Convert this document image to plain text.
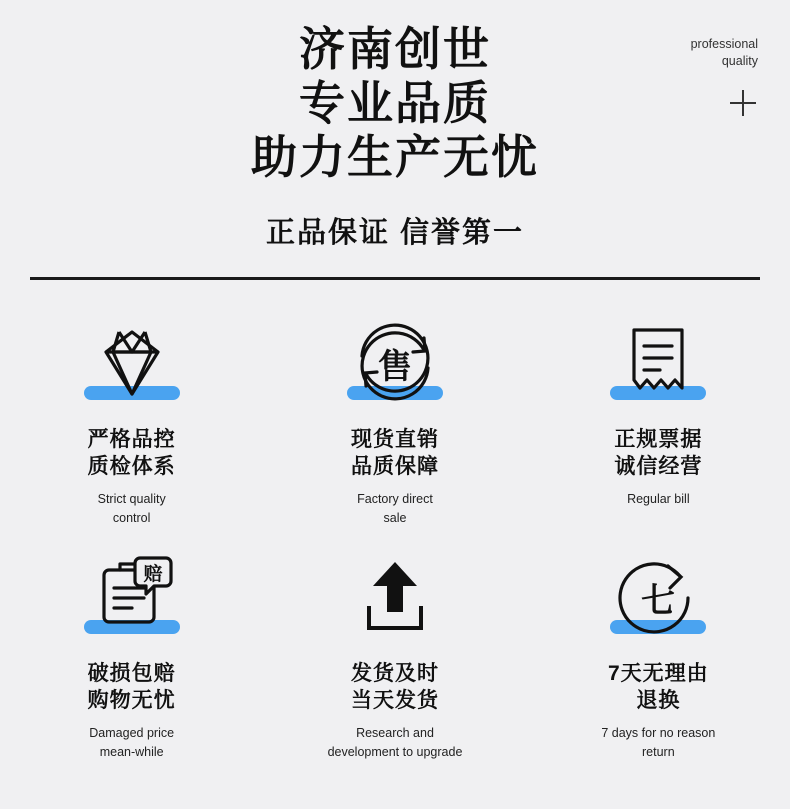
济南创世
专业品质
助力生产无忧
正品保证 信誉第一
professional
quality
严格品控
质检体系
Strict quality
control
售
现货直销
品质保障
Factory direct
sale
正规票据
诚信经营
Regular bill
赔
破损包赔
购物无忧
Damaged price
mean-while
发货及时
当天发货
Research and
development to upgrade
七
7天无理由
退换
7 days for no reason
return
